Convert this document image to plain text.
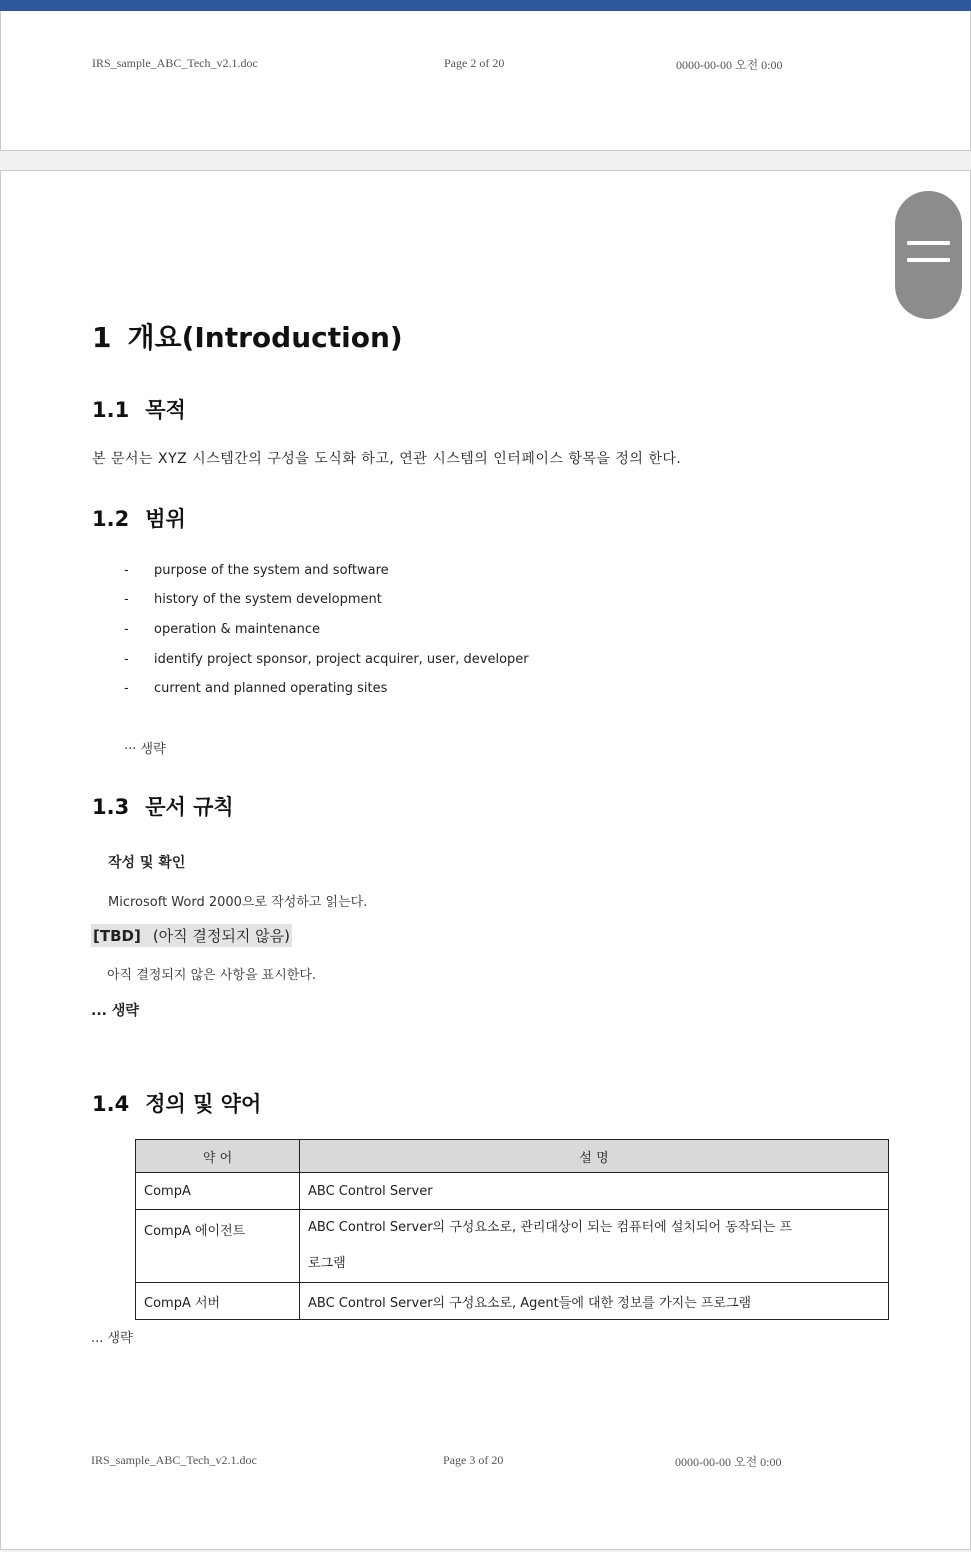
IRS_sample_ABC_Tech_v2.1.doc	Page 2 of 20	0000-00-00 오전 0:00
1 개요(Introduction)
1.1 목적
본 문서는 XYZ 시스템간의 구성을 도식화 하고, 연관 시스템의 인터페이스 항목을 정의 한다.
1.2 범위
- purpose of the system and software
- history of the system development
- operation & maintenance
- identify project sponsor, project acquirer, user, developer
- current and planned operating sites
··· 생략
1.3 문서 규칙
작성 및 확인
Microsoft Word 2000으로 작성하고 읽는다.
[TBD] (아직 결정되지 않음)
아직 결정되지 않은 사항을 표시한다.
... 생략
1.4 정의 및 약어
약 어	설 명
CompA	ABC Control Server
CompA 에이전트	ABC Control Server의 구성요소로, 관리대상이 되는 컴퓨터에 설치되어 동작되는 프
로그램

CompA 서버	ABC Control Server의 구성요소로, Agent들에 대한 정보를 가지는 프로그램
... 생략
IRS_sample_ABC_Tech_v2.1.doc	Page 3 of 20	0000-00-00 오전 0:00
